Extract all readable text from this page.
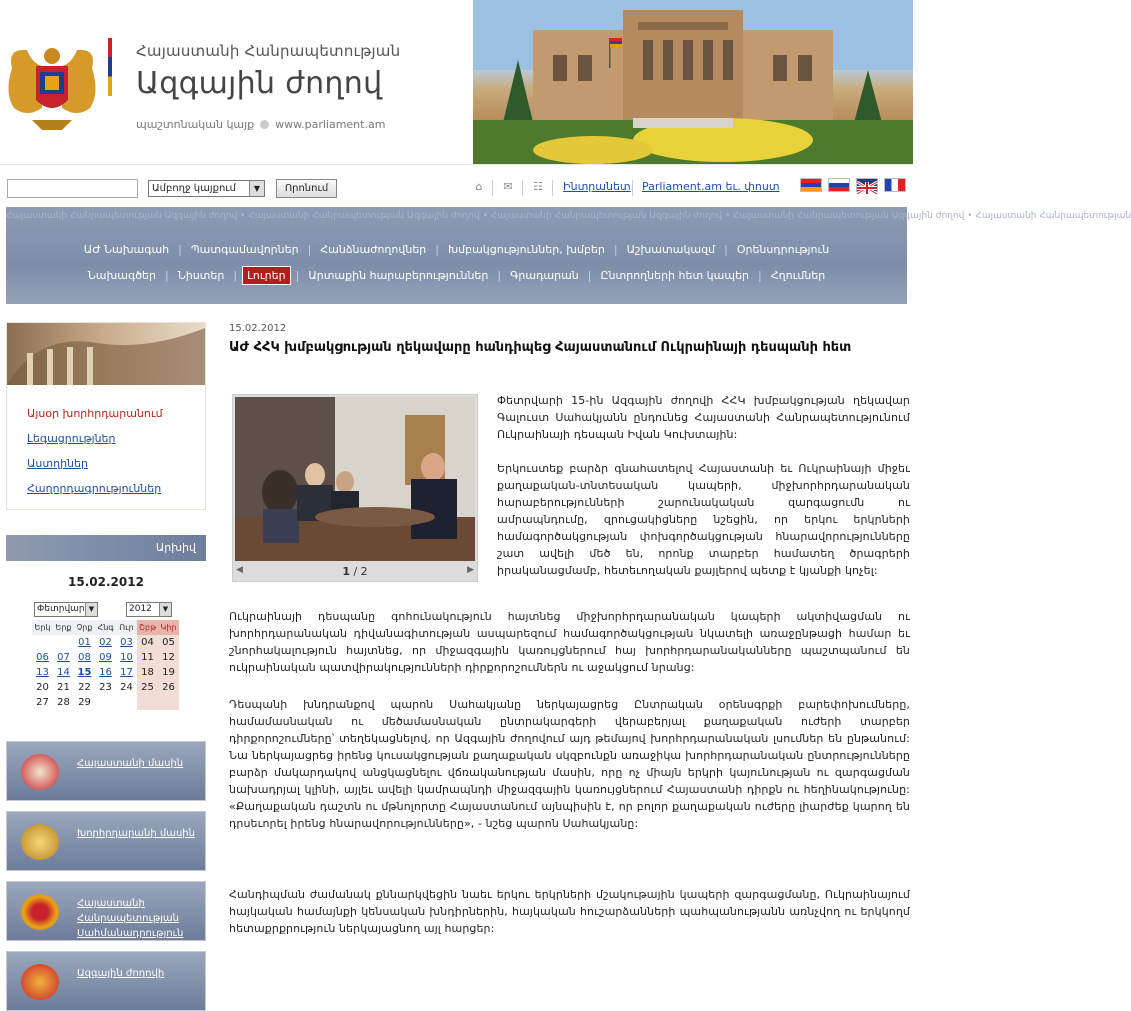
Հայաստանի Հանրապետության
Ազգային ժողով
պաշտոնական կայք www.parliament.am
Ամբողջ կայքում	▼	Որոնում	⌂	✉ ☷ Ինտրանետ Parliament.am եւ. փոստ
Հայաստանի Հանրապետության Ազգային ժողով • Հայաստանի Հանրապետության Ազգային ժողով • Հայաստանի Հանրապետության Ազգային ժողով • Հայաստանի Հանրապետության Ազգային ժողով • Հայաստանի Հանրապետության
ԱԺ Նախագահ | Պատգամավորներ | Հանձնաժողովներ | Խմբակցություններ, խմբեր | Աշխատակազմ | Օրենսդրություն
Նախագծեր | Նիստեր | Լուրեր | Արտաքին հարաբերություններ | Գրադարան | Ընտրողների հետ կապեր | Հղումներ
Այսօր խորհրդարանում
Լեգացրությներ
Աստղիներ
Հաղորդագրություններ
Արխիվ
15.02.2012
Փետրվար ▼	2012	▼
Երկ	Երք	Չրք	Հնգ	Ուր	Շբթ	Կիր
		01	02	03	04	05
06	07	08	09	10	11	12
13	14	15	16	17	18	19
20	21	22	23	24	25	26
27	28	29				
Հայաստանի մասին
Խորհրդարանի մասին
Հայաստանի Հանրապետության Սահմանադրություն
Ազգային ժողովի
15.02.2012
ԱԺ ՀՀԿ խմբակցության ղեկավարը հանդիպեց Հայաստանում Ուկրաինայի դեսպանի հետ
◀	1 / 2	▶
Փետրվարի 15-ին Ազգային ժողովի ՀՀԿ խմբակցության ղեկավար Գալուստ Սահակյանն ընդունեց Հայաստանի Հանրապետությունում Ուկրաինայի դեսպան Իվան Կուխտային:
Երկուստեք բարձր գնահատելով Հայաստանի եւ Ուկրաինայի միջեւ քաղաքական-տնտեսական կապերի, միջխորհրդարանական հարաբերությունների շարունակական զարգացումն ու ամրապնդումը, զրուցակիցները նշեցին, որ երկու երկրների համագործակցության փոխգործակցության հնարավորությունները շատ ավելի մեծ են, որոնք տարբեր համատեղ ծրագրերի իրականացմամբ, հետեւողական քայլերով պետք է կյանքի կոչել:
Ուկրաինայի դեսպանը գոհունակություն հայտնեց միջխորհրդարանական կապերի ակտիվացման ու խորհրդարանական դիվանագիտության ասպարեզում համագործակցության նկատելի առաջընթացի համար եւ շնորհակալություն հայտնեց, որ միջազգային կառույցներում հայ խորհրդարանականները պաշտպանում են ուկրաինական պատվիրակությունների դիրքորոշումներն ու աջակցում նրանց:
Դեսպանի խնդրանքով պարոն Սահակյանը ներկայացրեց Ընտրական օրենսգրքի բարեփոխումները, համամասնական ու մեծամասնական ընտրակարգերի վերաբերյալ քաղաքական ուժերի տարբեր դիրքորոշումները՝ տեղեկացնելով, որ Ազգային ժողովում այդ թեմայով խորհրդարանական լսումներ են ընթանում: Նա ներկայացրեց իրենց կուսակցության քաղաքական սկզբունքն առաջիկա խորհրդարանական ընտրությունները բարձր մակարդակով անցկացնելու վճռականության մասին, որը ոչ միայն երկրի կայունության ու զարգացման նախադրյալ կլինի, այլեւ ավելի կամրապնդի միջազգային կառույցներում Հայաստանի դիրքն ու հեղինակությունը: «Քաղաքական դաշտն ու մթնոլորտը Հայաստանում այնպիսին է, որ բոլոր քաղաքական ուժերը լիարժեք կարող են դրսեւորել իրենց հնարավորությունները», - նշեց պարոն Սահակյանը:
Հանդիպման ժամանակ քննարկվեցին նաեւ երկու երկրների մշակութային կապերի զարգացմանը, Ուկրաինայում հայկական համայնքի կենսական խնդիրներին, հայկական հուշարձանների պահպանությանն առնչվող ու երկկողմ հետաքրքրություն ներկայացնող այլ հարցեր:
